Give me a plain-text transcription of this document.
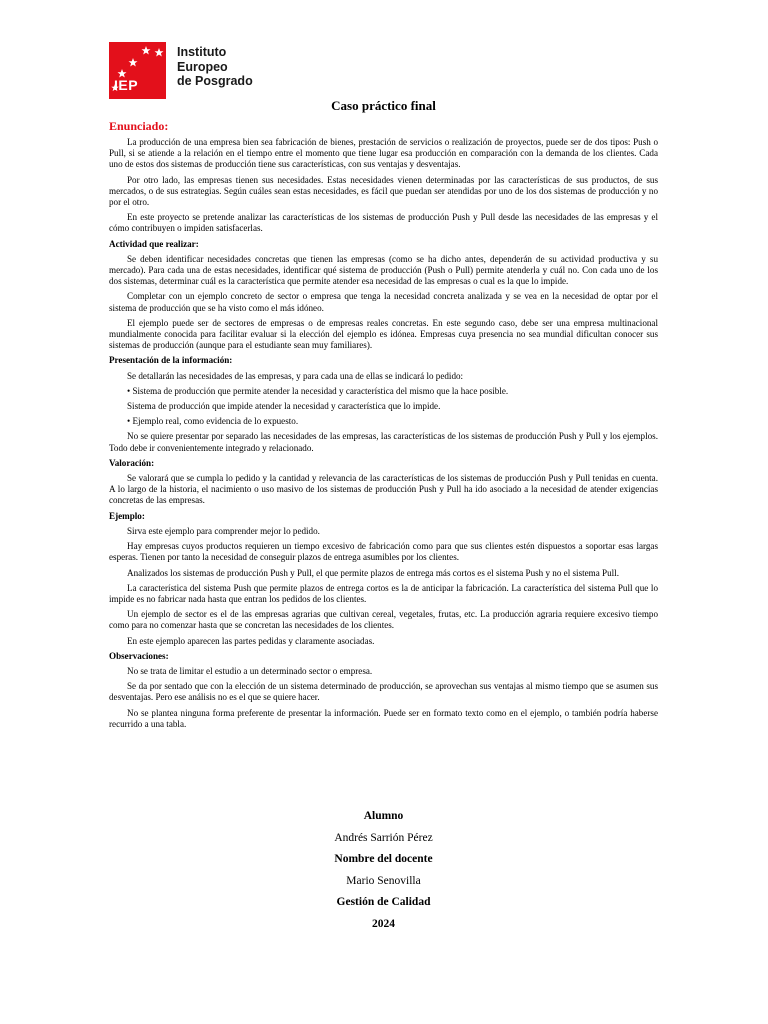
IEP
Instituto
Europeo
de Posgrado
Caso práctico final
Enunciado:

La producción de una empresa bien sea fabricación de bienes, prestación de servicios o realización de proyectos, puede ser de dos tipos: Push o Pull, si se atiende a la relación en el tiempo entre el momento que tiene lugar esa producción en comparación con la demanda de los clientes. Cada uno de estos dos sistemas de producción tiene sus características, con sus ventajas y desventajas.

Por otro lado, las empresas tienen sus necesidades. Estas necesidades vienen determinadas por las características de sus productos, de sus mercados, o de sus estrategias. Según cuáles sean estas necesidades, es fácil que puedan ser atendidas por uno de los dos sistemas de producción y no por el otro.

En este proyecto se pretende analizar las características de los sistemas de producción Push y Pull desde las necesidades de las empresas y el cómo contribuyen o impiden satisfacerlas.

Actividad que realizar:

Se deben identificar necesidades concretas que tienen las empresas (como se ha dicho antes, dependerán de su actividad productiva y su mercado). Para cada una de estas necesidades, identificar qué sistema de producción (Push o Pull) permite atenderla y cuál no. Con cada uno de los dos sistemas, determinar cuál es la característica que permite atender esa necesidad de las empresas o cual es la que lo impide.

Completar con un ejemplo concreto de sector o empresa que tenga la necesidad concreta analizada y se vea en la necesidad de optar por el sistema de producción que se ha visto como el más idóneo.

El ejemplo puede ser de sectores de empresas o de empresas reales concretas. En este segundo caso, debe ser una empresa multinacional mundialmente conocida para facilitar evaluar si la elección del ejemplo es idónea. Empresas cuya presencia no sea mundial dificultan conocer sus sistemas de producción (aunque para el estudiante sean muy familiares).

Presentación de la información:

Se detallarán las necesidades de las empresas, y para cada una de ellas se indicará lo pedido:

• Sistema de producción que permite atender la necesidad y característica del mismo que la hace posible.

Sistema de producción que impide atender la necesidad y característica que lo impide.

• Ejemplo real, como evidencia de lo expuesto.

No se quiere presentar por separado las necesidades de las empresas, las características de los sistemas de producción Push y Pull y los ejemplos. Todo debe ir convenientemente integrado y relacionado.

Valoración:

Se valorará que se cumpla lo pedido y la cantidad y relevancia de las características de los sistemas de producción Push y Pull tenidas en cuenta. A lo largo de la historia, el nacimiento o uso masivo de los sistemas de producción Push y Pull ha ido asociado a la necesidad de atender exigencias concretas de las empresas.

Ejemplo:

Sirva este ejemplo para comprender mejor lo pedido.

Hay empresas cuyos productos requieren un tiempo excesivo de fabricación como para que sus clientes estén dispuestos a soportar esas largas esperas. Tienen por tanto la necesidad de conseguir plazos de entrega asumibles por los clientes.

Analizados los sistemas de producción Push y Pull, el que permite plazos de entrega más cortos es el sistema Push y no el sistema Pull.

La característica del sistema Push que permite plazos de entrega cortos es la de anticipar la fabricación. La característica del sistema Pull que lo impide es no fabricar nada hasta que entran los pedidos de los clientes.

Un ejemplo de sector es el de las empresas agrarias que cultivan cereal, vegetales, frutas, etc. La producción agraria requiere excesivo tiempo como para no comenzar hasta que se concretan las necesidades de los clientes.

En este ejemplo aparecen las partes pedidas y claramente asociadas.

Observaciones:

No se trata de limitar el estudio a un determinado sector o empresa.

Se da por sentado que con la elección de un sistema determinado de producción, se aprovechan sus ventajas al mismo tiempo que se asumen sus desventajas. Pero ese análisis no es el que se quiere hacer.

No se plantea ninguna forma preferente de presentar la información. Puede ser en formato texto como en el ejemplo, o también podría haberse recurrido a una tabla.

Alumno
Andrés Sarrión Pérez
Nombre del docente
Mario Senovilla
Gestión de Calidad
2024
